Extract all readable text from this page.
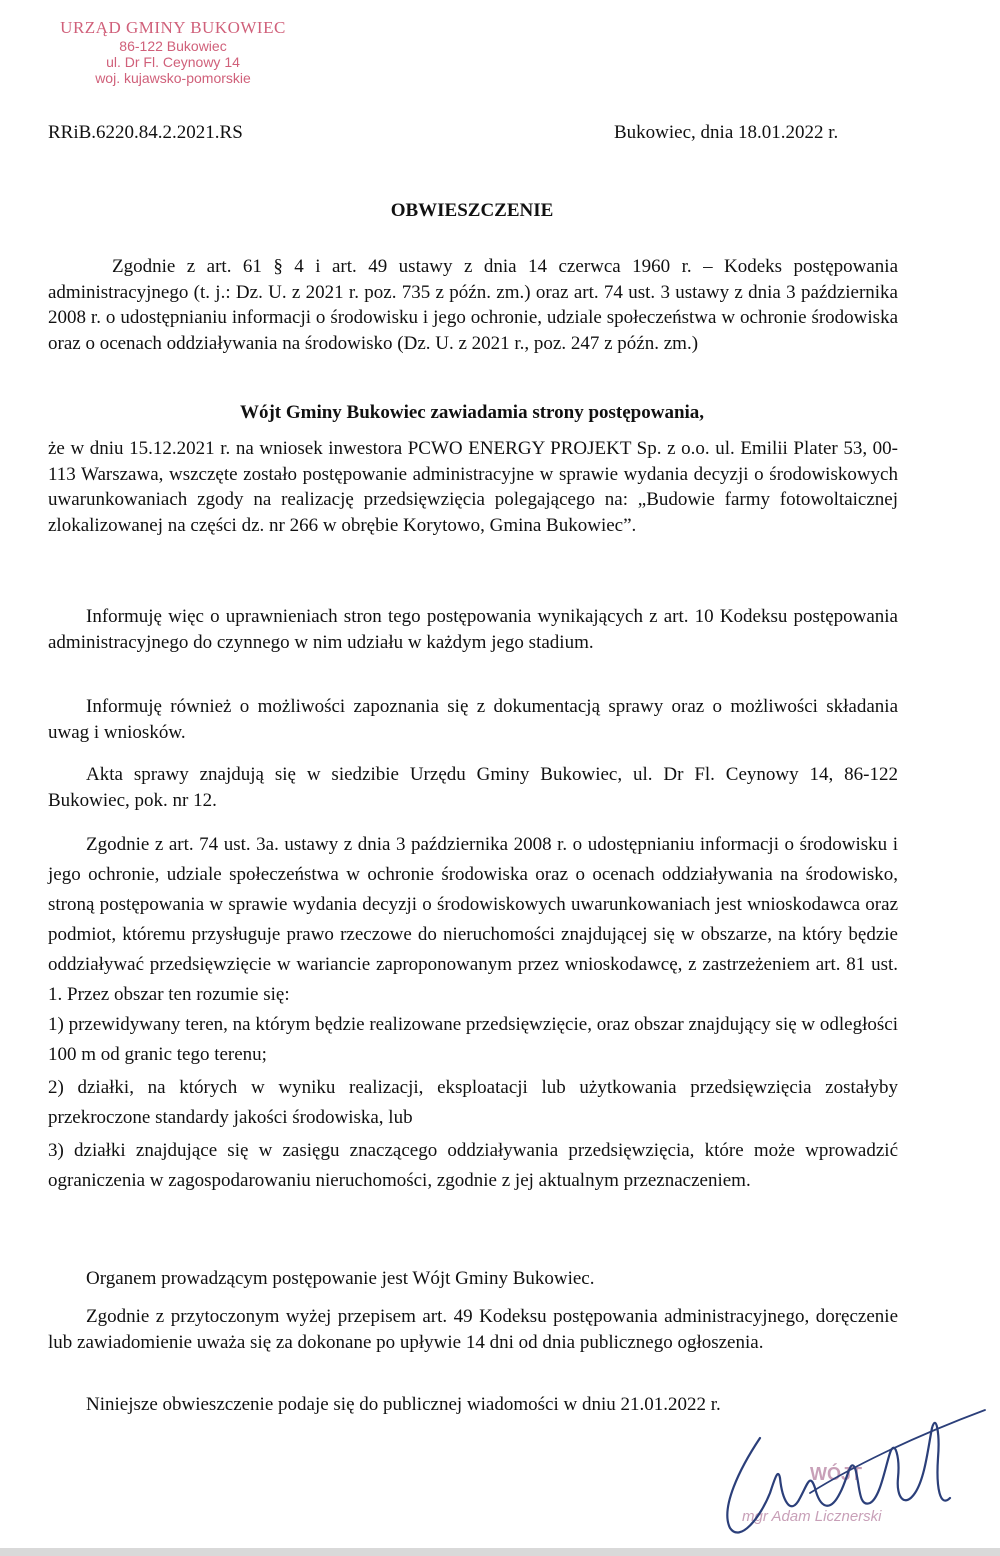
URZĄD GMINY BUKOWIEC
86-122 Bukowiec
ul. Dr Fl. Ceynowy 14
woj. kujawsko-pomorskie
RRiB.6220.84.2.2021.RS	Bukowiec, dnia 18.01.2022 r.
OBWIESZCZENIE

Zgodnie z art. 61 § 4 i art. 49 ustawy z dnia 14 czerwca 1960 r. – Kodeks postępowania administracyjnego (t. j.: Dz. U. z 2021 r. poz. 735 z późn. zm.) oraz art. 74 ust. 3 ustawy z dnia 3 października 2008 r. o udostępnianiu informacji o środowisku i jego ochronie, udziale społeczeństwa w ochronie środowiska oraz o ocenach oddziaływania na środowisko (Dz. U. z 2021 r., poz. 247 z późn. zm.)

Wójt Gminy Bukowiec zawiadamia strony postępowania,

że w dniu 15.12.2021 r. na wniosek inwestora PCWO ENERGY PROJEKT Sp. z o.o. ul. Emilii Plater 53, 00-113 Warszawa, wszczęte zostało postępowanie administracyjne w sprawie wydania decyzji o środowiskowych uwarunkowaniach zgody na realizację przedsięwzięcia polegającego na: „Budowie farmy fotowoltaicznej zlokalizowanej na części dz. nr 266 w obrębie Korytowo, Gmina Bukowiec”.

Informuję więc o uprawnieniach stron tego postępowania wynikających z art. 10 Kodeksu postępowania administracyjnego do czynnego w nim udziału w każdym jego stadium.

Informuję również o możliwości zapoznania się z dokumentacją sprawy oraz o możliwości składania uwag i wniosków.

Akta sprawy znajdują się w siedzibie Urzędu Gminy Bukowiec, ul. Dr Fl. Ceynowy 14, 86-122 Bukowiec, pok. nr 12.

Zgodnie z art. 74 ust. 3a. ustawy z dnia 3 października 2008 r. o udostępnianiu informacji o środowisku i jego ochronie, udziale społeczeństwa w ochronie środowiska oraz o ocenach oddziaływania na środowisko, stroną postępowania w sprawie wydania decyzji o środowiskowych uwarunkowaniach jest wnioskodawca oraz podmiot, któremu przysługuje prawo rzeczowe do nieruchomości znajdującej się w obszarze, na który będzie oddziaływać przedsięwzięcie w wariancie zaproponowanym przez wnioskodawcę, z zastrzeżeniem art. 81 ust. 1. Przez obszar ten rozumie się:
1) przewidywany teren, na którym będzie realizowane przedsięwzięcie, oraz obszar znajdujący się w odległości 100 m od granic tego terenu;
2) działki, na których w wyniku realizacji, eksploatacji lub użytkowania przedsięwzięcia zostałyby przekroczone standardy jakości środowiska, lub
3) działki znajdujące się w zasięgu znaczącego oddziaływania przedsięwzięcia, które może wprowadzić ograniczenia w zagospodarowaniu nieruchomości, zgodnie z jej aktualnym przeznaczeniem.

Organem prowadzącym postępowanie jest Wójt Gminy Bukowiec.

Zgodnie z przytoczonym wyżej przepisem art. 49 Kodeksu postępowania administracyjnego, doręczenie lub zawiadomienie uważa się za dokonane po upływie 14 dni od dnia publicznego ogłoszenia.

Niniejsze obwieszczenie podaje się do publicznej wiadomości w dniu 21.01.2022 r.

WÓJT
mgr Adam Licznerski
